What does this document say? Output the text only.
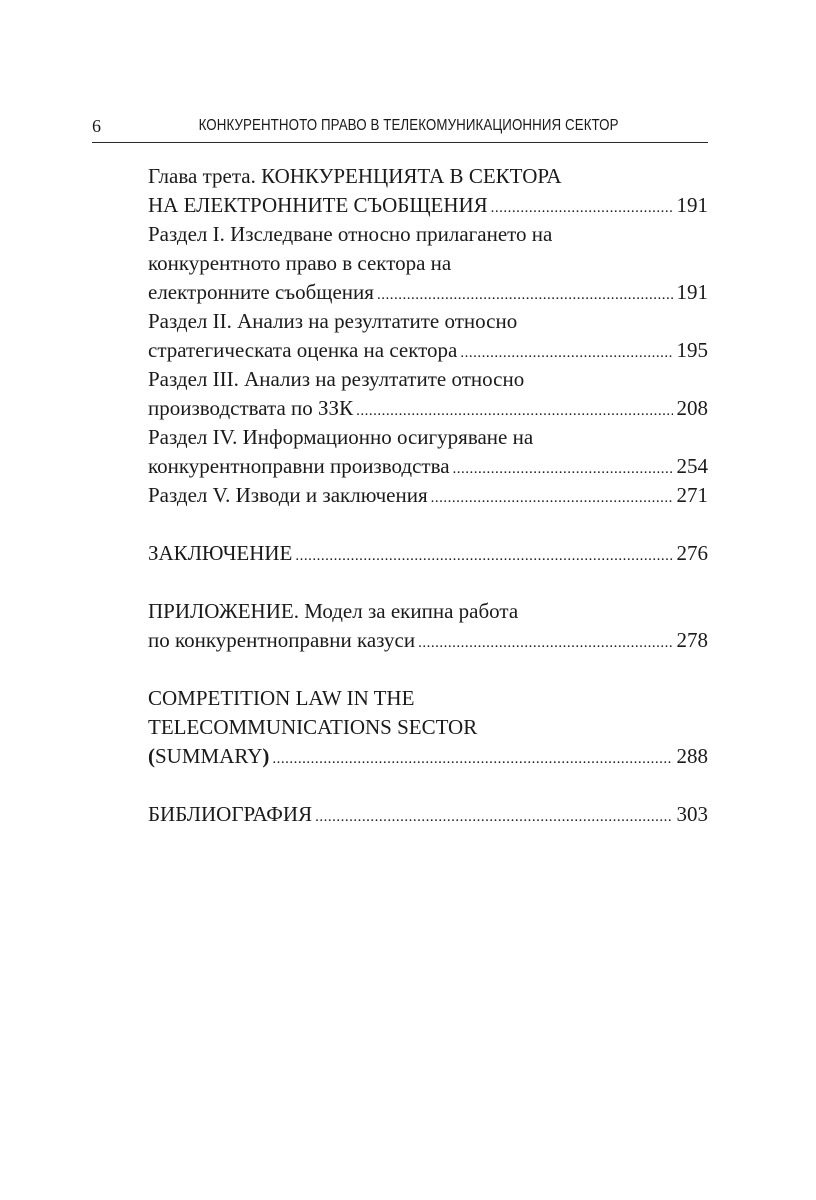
6	КОНКУРЕНТНОТО ПРАВО В ТЕЛЕКОМУНИКАЦИОННИЯ СЕКТОР
Глава трета. КОНКУРЕНЦИЯТА В СЕКТОРА
НА ЕЛЕКТРОННИТЕ СЪОБЩЕНИЯ .....	191
Раздел I. Изследване относно прилагането на
конкурентното право в сектора на
електронните съобщения .....	191
Раздел II. Анализ на резултатите относно
стратегическата оценка на сектора .....	195
Раздел III. Анализ на резултатите относно
производствата по ЗЗК .....	208
Раздел IV. Информационно осигуряване на
конкурентноправни производства .....	254
Раздел V. Изводи и заключения .....	271
ЗАКЛЮЧЕНИЕ .....	276
ПРИЛОЖЕНИЕ. Модел за екипна работа
по конкурентноправни казуси .....	278
COMPETITION LAW IN THE
TELECOMMUNICATIONS SECTOR
(SUMMARY) .....	288
БИБЛИОГРАФИЯ .....	303
